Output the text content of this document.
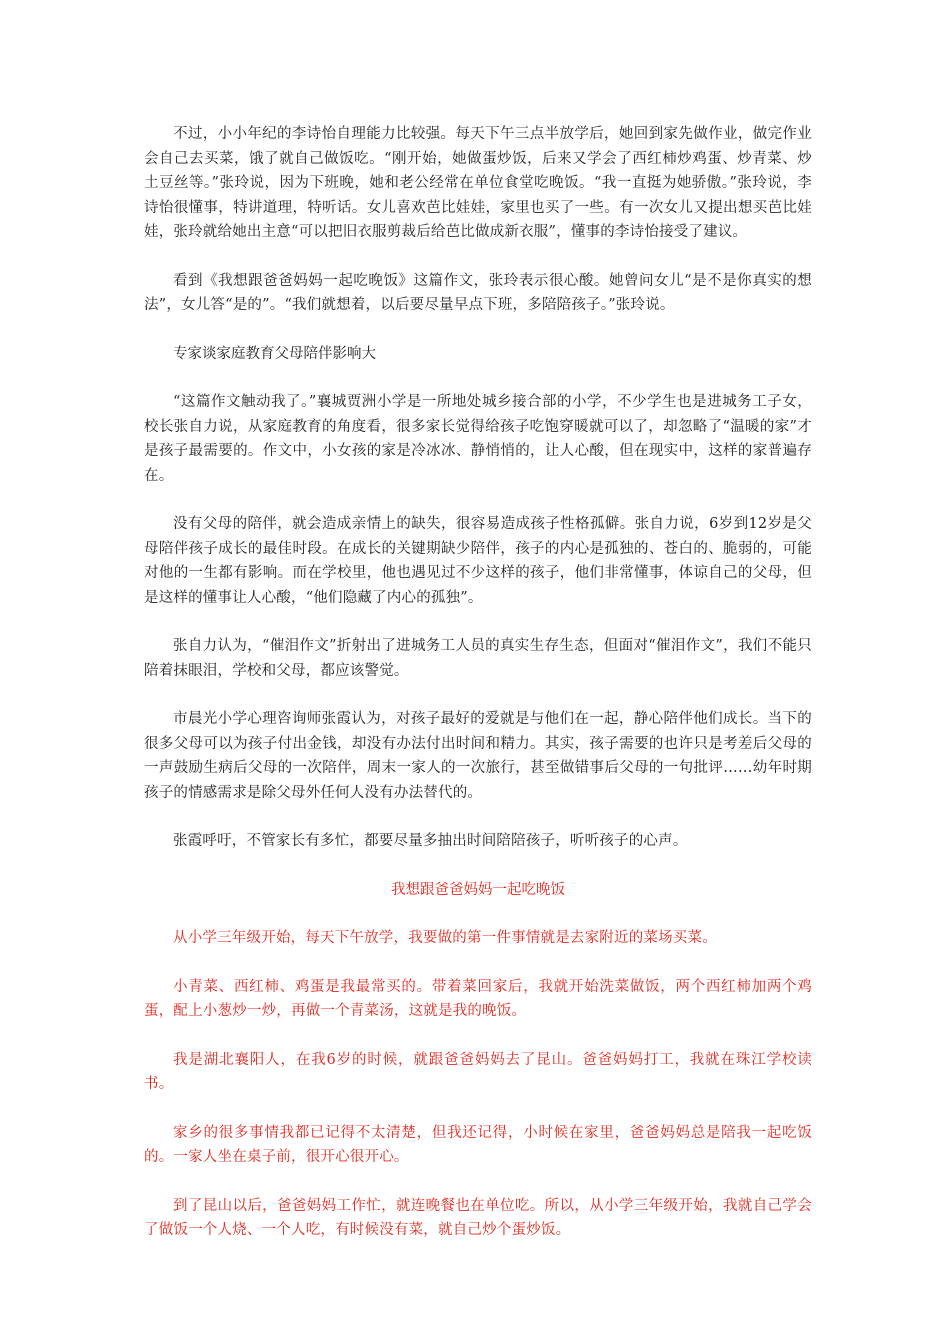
不过，小小年纪的李诗怡自理能力比较强。每天下午三点半放学后，她回到家先做作业，做完作业会自己去买菜，饿了就自己做饭吃。“刚开始，她做蛋炒饭，后来又学会了西红柿炒鸡蛋、炒青菜、炒土豆丝等。”张玲说，因为下班晚，她和老公经常在单位食堂吃晚饭。“我一直挺为她骄傲。”张玲说，李诗怡很懂事，特讲道理，特听话。女儿喜欢芭比娃娃，家里也买了一些。有一次女儿又提出想买芭比娃娃，张玲就给她出主意“可以把旧衣服剪裁后给芭比做成新衣服”，懂事的李诗怡接受了建议。

看到《我想跟爸爸妈妈一起吃晚饭》这篇作文，张玲表示很心酸。她曾问女儿“是不是你真实的想法”，女儿答“是的”。“我们就想着，以后要尽量早点下班，多陪陪孩子。”张玲说。

专家谈家庭教育父母陪伴影响大

“这篇作文触动我了。”襄城贾洲小学是一所地处城乡接合部的小学，不少学生也是进城务工子女，校长张自力说，从家庭教育的角度看，很多家长觉得给孩子吃饱穿暖就可以了，却忽略了“温暖的家”才是孩子最需要的。作文中，小女孩的家是冷冰冰、静悄悄的，让人心酸，但在现实中，这样的家普遍存在。

没有父母的陪伴，就会造成亲情上的缺失，很容易造成孩子性格孤僻。张自力说，6岁到12岁是父母陪伴孩子成长的最佳时段。在成长的关键期缺少陪伴，孩子的内心是孤独的、苍白的、脆弱的，可能对他的一生都有影响。而在学校里，他也遇见过不少这样的孩子，他们非常懂事，体谅自己的父母，但是这样的懂事让人心酸，“他们隐藏了内心的孤独”。

张自力认为，“催泪作文”折射出了进城务工人员的真实生存生态，但面对“催泪作文”，我们不能只陪着抹眼泪，学校和父母，都应该警觉。

市晨光小学心理咨询师张霞认为，对孩子最好的爱就是与他们在一起，静心陪伴他们成长。当下的很多父母可以为孩子付出金钱，却没有办法付出时间和精力。其实，孩子需要的也许只是考差后父母的一声鼓励生病后父母的一次陪伴，周末一家人的一次旅行，甚至做错事后父母的一句批评……幼年时期孩子的情感需求是除父母外任何人没有办法替代的。

张霞呼吁，不管家长有多忙，都要尽量多抽出时间陪陪孩子，听听孩子的心声。

我想跟爸爸妈妈一起吃晚饭

从小学三年级开始，每天下午放学，我要做的第一件事情就是去家附近的菜场买菜。

小青菜、西红柿、鸡蛋是我最常买的。带着菜回家后，我就开始洗菜做饭，两个西红柿加两个鸡蛋，配上小葱炒一炒，再做一个青菜汤，这就是我的晚饭。

我是湖北襄阳人，在我6岁的时候，就跟爸爸妈妈去了昆山。爸爸妈妈打工，我就在珠江学校读书。

家乡的很多事情我都已记得不太清楚，但我还记得，小时候在家里，爸爸妈妈总是陪我一起吃饭的。一家人坐在桌子前，很开心很开心。

到了昆山以后，爸爸妈妈工作忙，就连晚餐也在单位吃。所以，从小学三年级开始，我就自己学会了做饭一个人烧、一个人吃，有时候没有菜，就自己炒个蛋炒饭。
